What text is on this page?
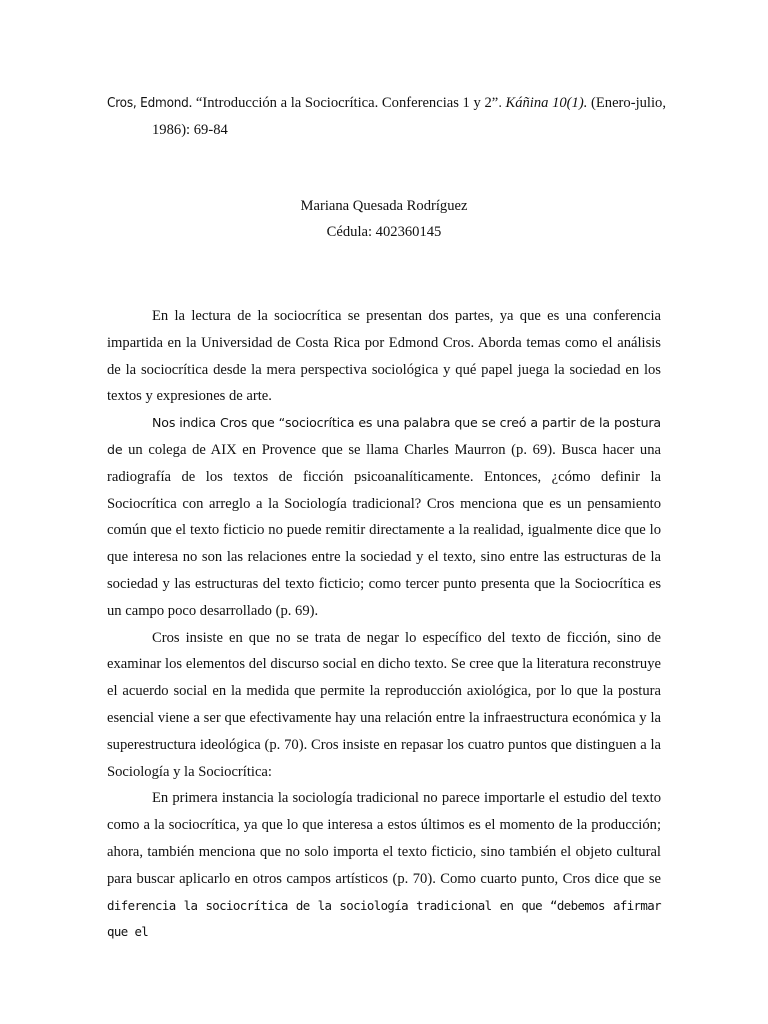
Cros, Edmond. “Introducción a la Sociocrítica. Conferencias 1 y 2”. Káñina 10(1). (Enero-julio, 1986): 69-84

Mariana Quesada Rodríguez

Cédula: 402360145

En la lectura de la sociocrítica se presentan dos partes, ya que es una conferencia impartida en la Universidad de Costa Rica por Edmond Cros. Aborda temas como el análisis de la sociocrítica desde la mera perspectiva sociológica y qué papel juega la sociedad en los textos y expresiones de arte.

Nos indica Cros que “sociocrítica es una palabra que se creó a partir de la postura de un colega de AIX en Provence que se llama Charles Maurron (p. 69). Busca hacer una radiografía de los textos de ficción psicoanalíticamente. Entonces, ¿cómo definir la Sociocrítica con arreglo a la Sociología tradicional? Cros menciona que es un pensamiento común que el texto ficticio no puede remitir directamente a la realidad, igualmente dice que lo que interesa no son las relaciones entre la sociedad y el texto, sino entre las estructuras de la sociedad y las estructuras del texto ficticio; como tercer punto presenta que la Sociocrítica es un campo poco desarrollado (p. 69).

Cros insiste en que no se trata de negar lo específico del texto de ficción, sino de examinar los elementos del discurso social en dicho texto. Se cree que la literatura reconstruye el acuerdo social en la medida que permite la reproducción axiológica, por lo que la postura esencial viene a ser que efectivamente hay una relación entre la infraestructura económica y la superestructura ideológica (p. 70). Cros insiste en repasar los cuatro puntos que distinguen a la Sociología y la Sociocrítica:

En primera instancia la sociología tradicional no parece importarle el estudio del texto como a la sociocrítica, ya que lo que interesa a estos últimos es el momento de la producción; ahora, también menciona que no solo importa el texto ficticio, sino también el objeto cultural para buscar aplicarlo en otros campos artísticos (p. 70). Como cuarto punto, Cros dice que se diferencia la sociocrítica de la sociología tradicional en que “debemos afirmar que el
